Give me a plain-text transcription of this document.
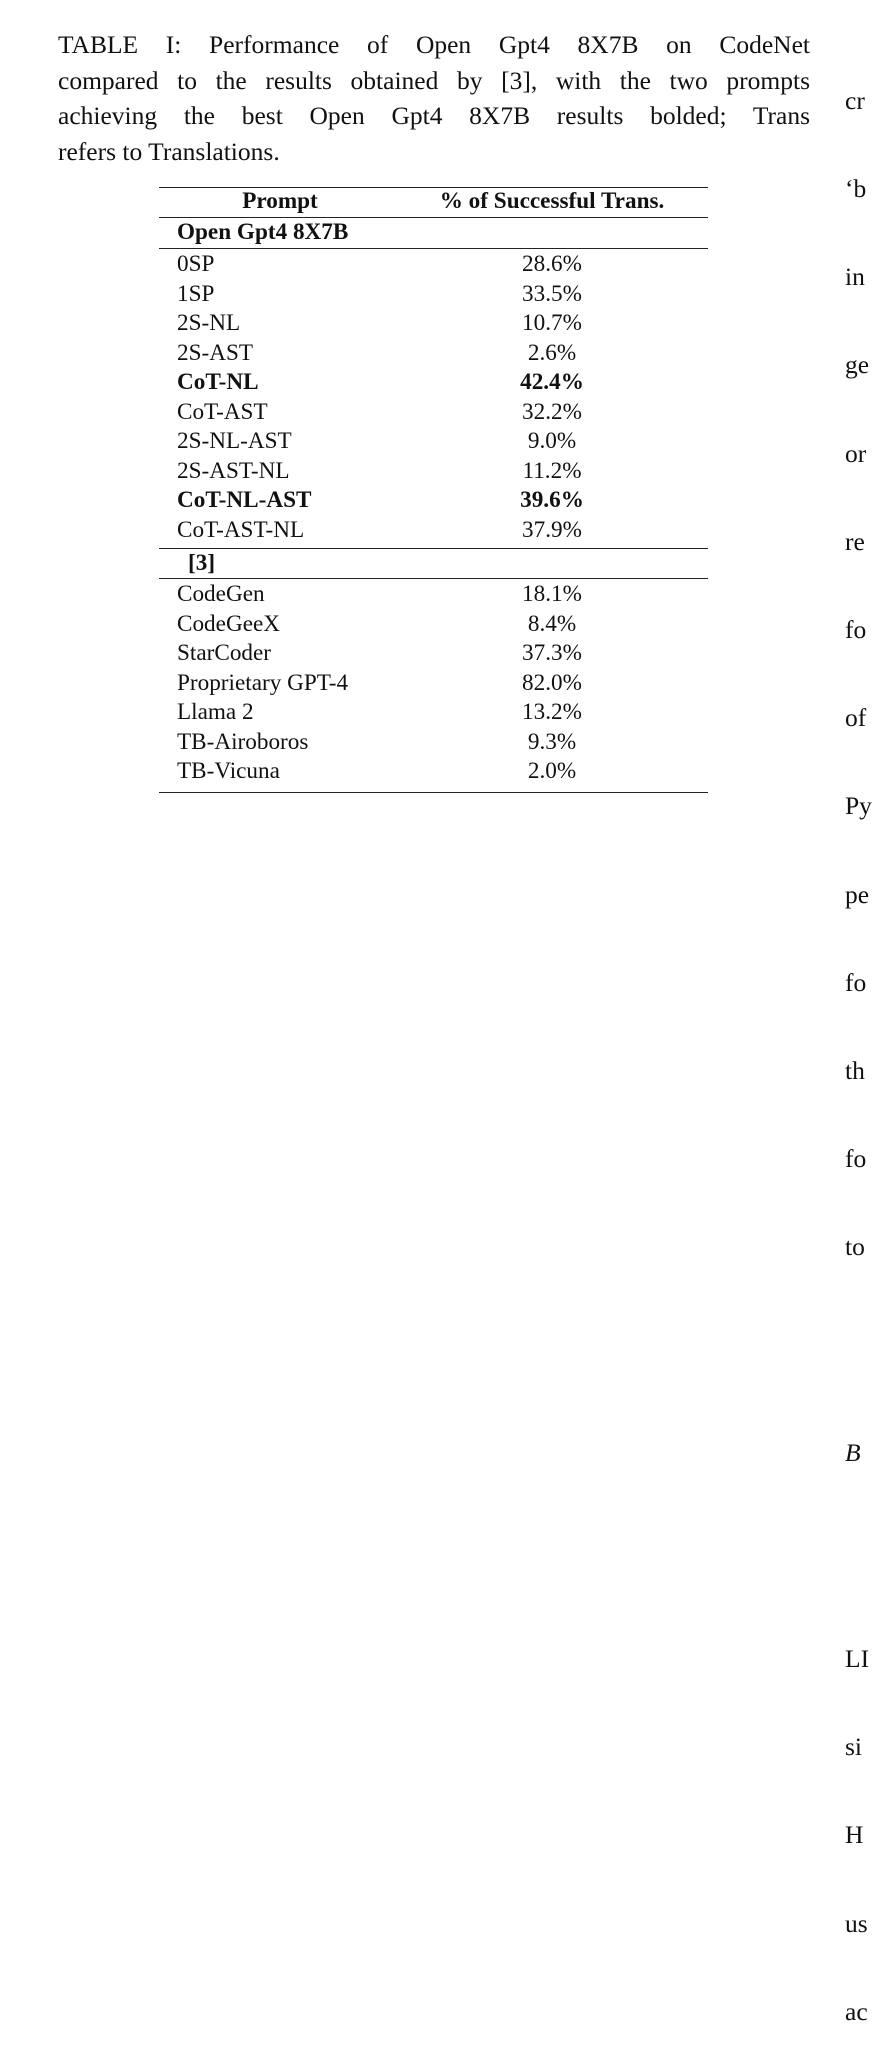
TABLE I: Performance of Open Gpt4 8X7B on CodeNet
compared to the results obtained by [3], with the two prompts
achieving the best Open Gpt4 8X7B results bolded; Trans
refers to Translations.
Prompt	% of Successful Trans.
Open Gpt4 8X7B
0SP	28.6%
1SP	33.5%
2S-NL	10.7%
2S-AST	2.6%
CoT-NL	42.4%
CoT-AST	32.2%
2S-NL-AST	9.0%
2S-AST-NL	11.2%
CoT-NL-AST	39.6%
CoT-AST-NL	37.9%
[3]
CodeGen	18.1%
CodeGeeX	8.4%
StarCoder	37.3%
Proprietary GPT-4	82.0%
Llama 2	13.2%
TB-Airoboros	9.3%
TB-Vicuna	2.0%

cr

‘b

in

ge

or

re

fo

of

Py

pe

fo

th

fo

to

B

LI

si

H

us

ac
